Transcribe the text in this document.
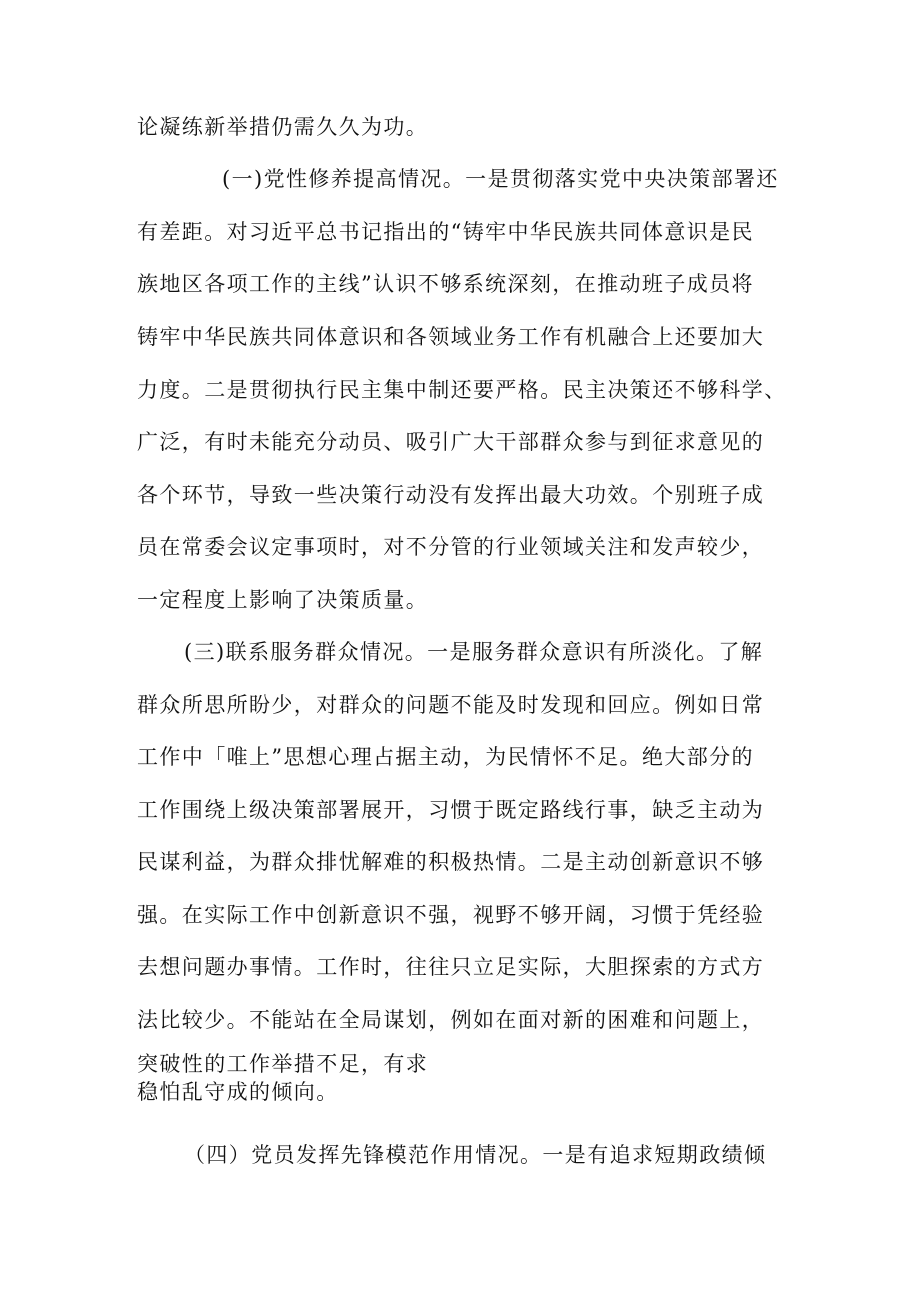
论凝练新举措仍需久久为功。
(一)党性修养提高情况。一是贯彻落实党中央决策部署还
有差距。对习近平总书记指出的“铸牢中华民族共同体意识是民
族地区各项工作的主线”认识不够系统深刻，在推动班子成员将
铸牢中华民族共同体意识和各领域业务工作有机融合上还要加大
力度。二是贯彻执行民主集中制还要严格。民主决策还不够科学、
广泛，有时未能充分动员、吸引广大干部群众参与到征求意见的
各个环节，导致一些决策行动没有发挥出最大功效。个别班子成
员在常委会议定事项时，对不分管的行业领域关注和发声较少，
一定程度上影响了决策质量。
(三)联系服务群众情况。一是服务群众意识有所淡化。了解
群众所思所盼少，对群众的问题不能及时发现和回应。例如日常
工作中「唯上”思想心理占据主动，为民情怀不足。绝大部分的
工作围绕上级决策部署展开，习惯于既定路线行事，缺乏主动为
民谋利益，为群众排忧解难的积极热情。二是主动创新意识不够
强。在实际工作中创新意识不强，视野不够开阔，习惯于凭经验
去想问题办事情。工作时，往往只立足实际，大胆探索的方式方
法比较少。不能站在全局谋划，例如在面对新的困难和问题上，
突破性的工作举措不足，有求
稳怕乱守成的倾向。
（四）党员发挥先锋模范作用情况。一是有追求短期政绩倾
